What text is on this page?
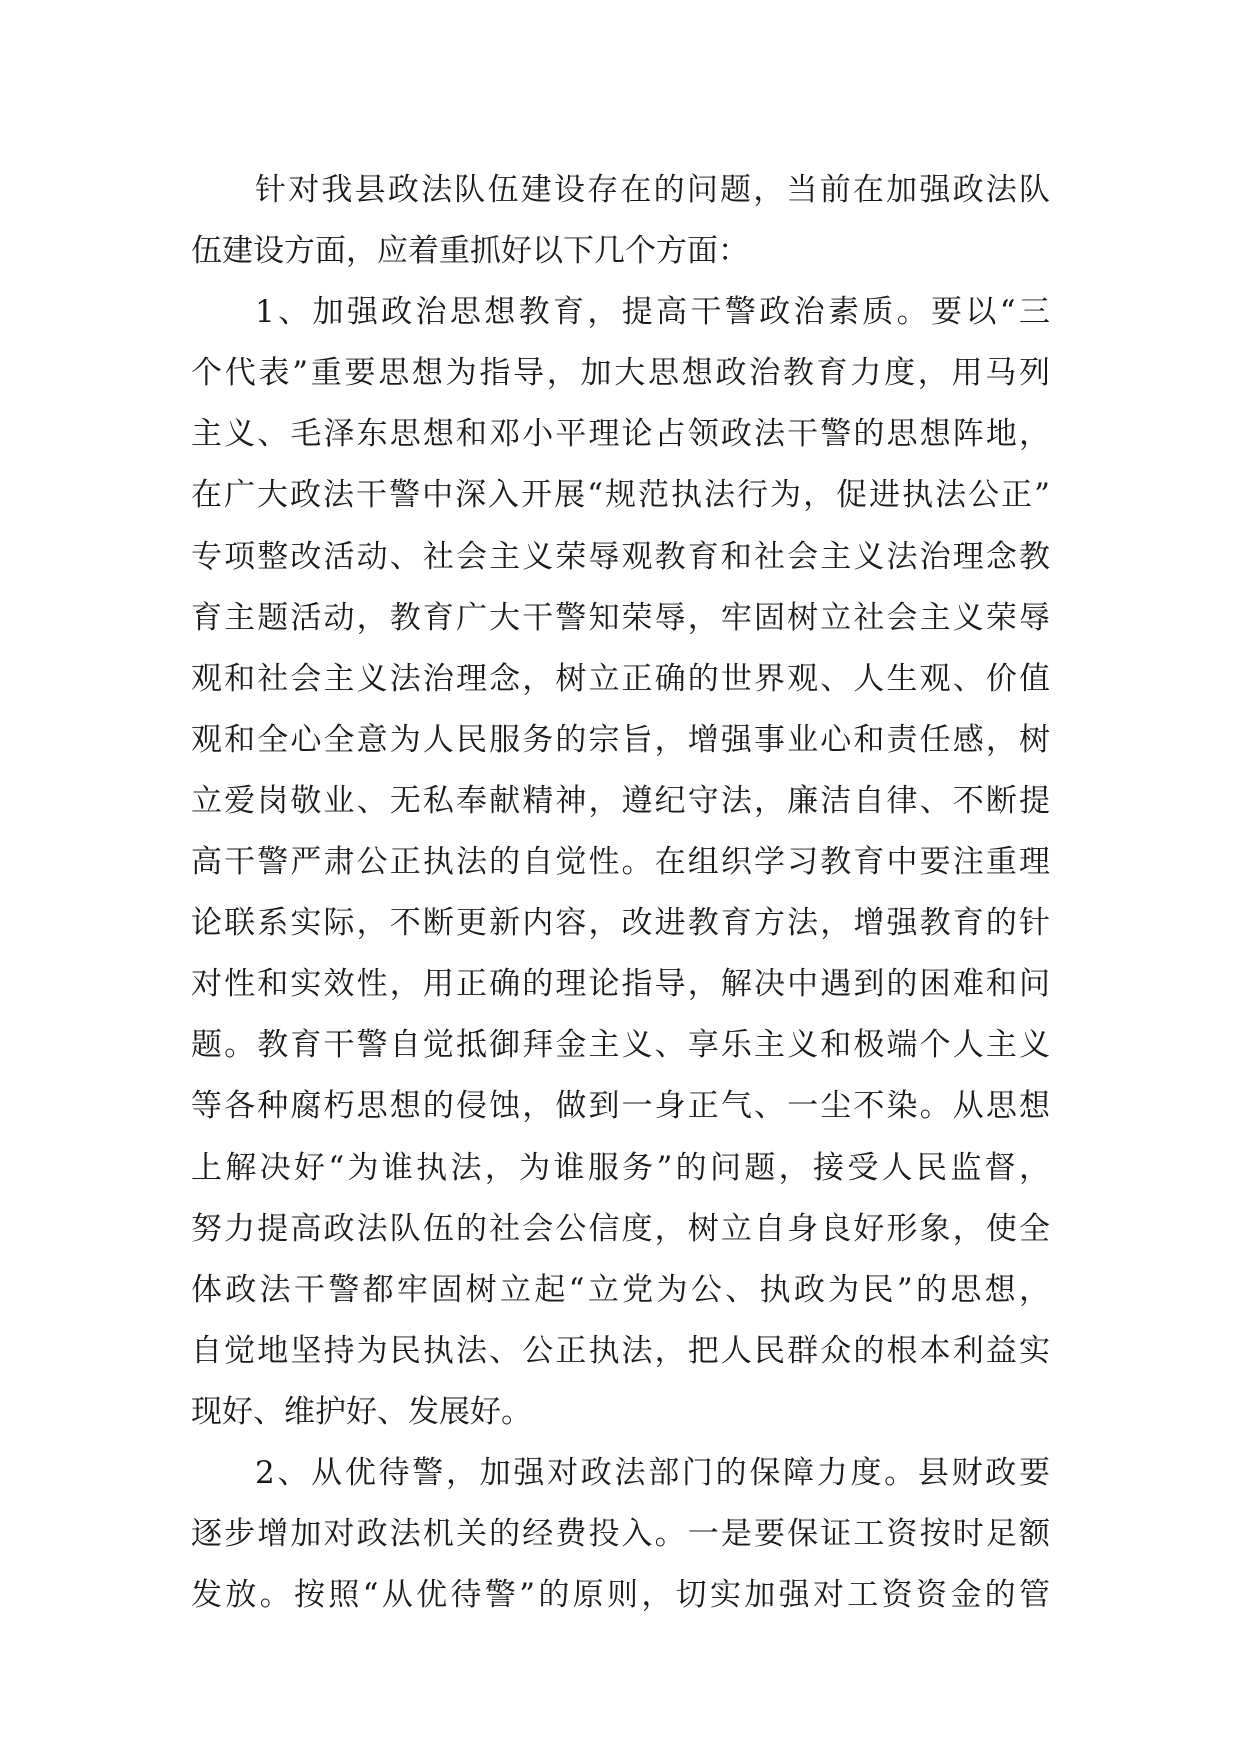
针对我县政法队伍建设存在的问题，当前在加强政法队
伍建设方面，应着重抓好以下几个方面：
1、加强政治思想教育，提高干警政治素质。要以“三
个代表”重要思想为指导，加大思想政治教育力度，用马列
主义、毛泽东思想和邓小平理论占领政法干警的思想阵地，
在广大政法干警中深入开展“规范执法行为，促进执法公正”
专项整改活动、社会主义荣辱观教育和社会主义法治理念教
育主题活动，教育广大干警知荣辱，牢固树立社会主义荣辱
观和社会主义法治理念，树立正确的世界观、人生观、价值
观和全心全意为人民服务的宗旨，增强事业心和责任感，树
立爱岗敬业、无私奉献精神，遵纪守法，廉洁自律、不断提
高干警严肃公正执法的自觉性。在组织学习教育中要注重理
论联系实际，不断更新内容，改进教育方法，增强教育的针
对性和实效性，用正确的理论指导，解决中遇到的困难和问
题。教育干警自觉抵御拜金主义、享乐主义和极端个人主义
等各种腐朽思想的侵蚀，做到一身正气、一尘不染。从思想
上解决好“为谁执法，为谁服务”的问题，接受人民监督，
努力提高政法队伍的社会公信度，树立自身良好形象，使全
体政法干警都牢固树立起“立党为公、执政为民”的思想，
自觉地坚持为民执法、公正执法，把人民群众的根本利益实
现好、维护好、发展好。
2、从优待警，加强对政法部门的保障力度。县财政要
逐步增加对政法机关的经费投入。一是要保证工资按时足额
发放。按照“从优待警”的原则，切实加强对工资资金的管
